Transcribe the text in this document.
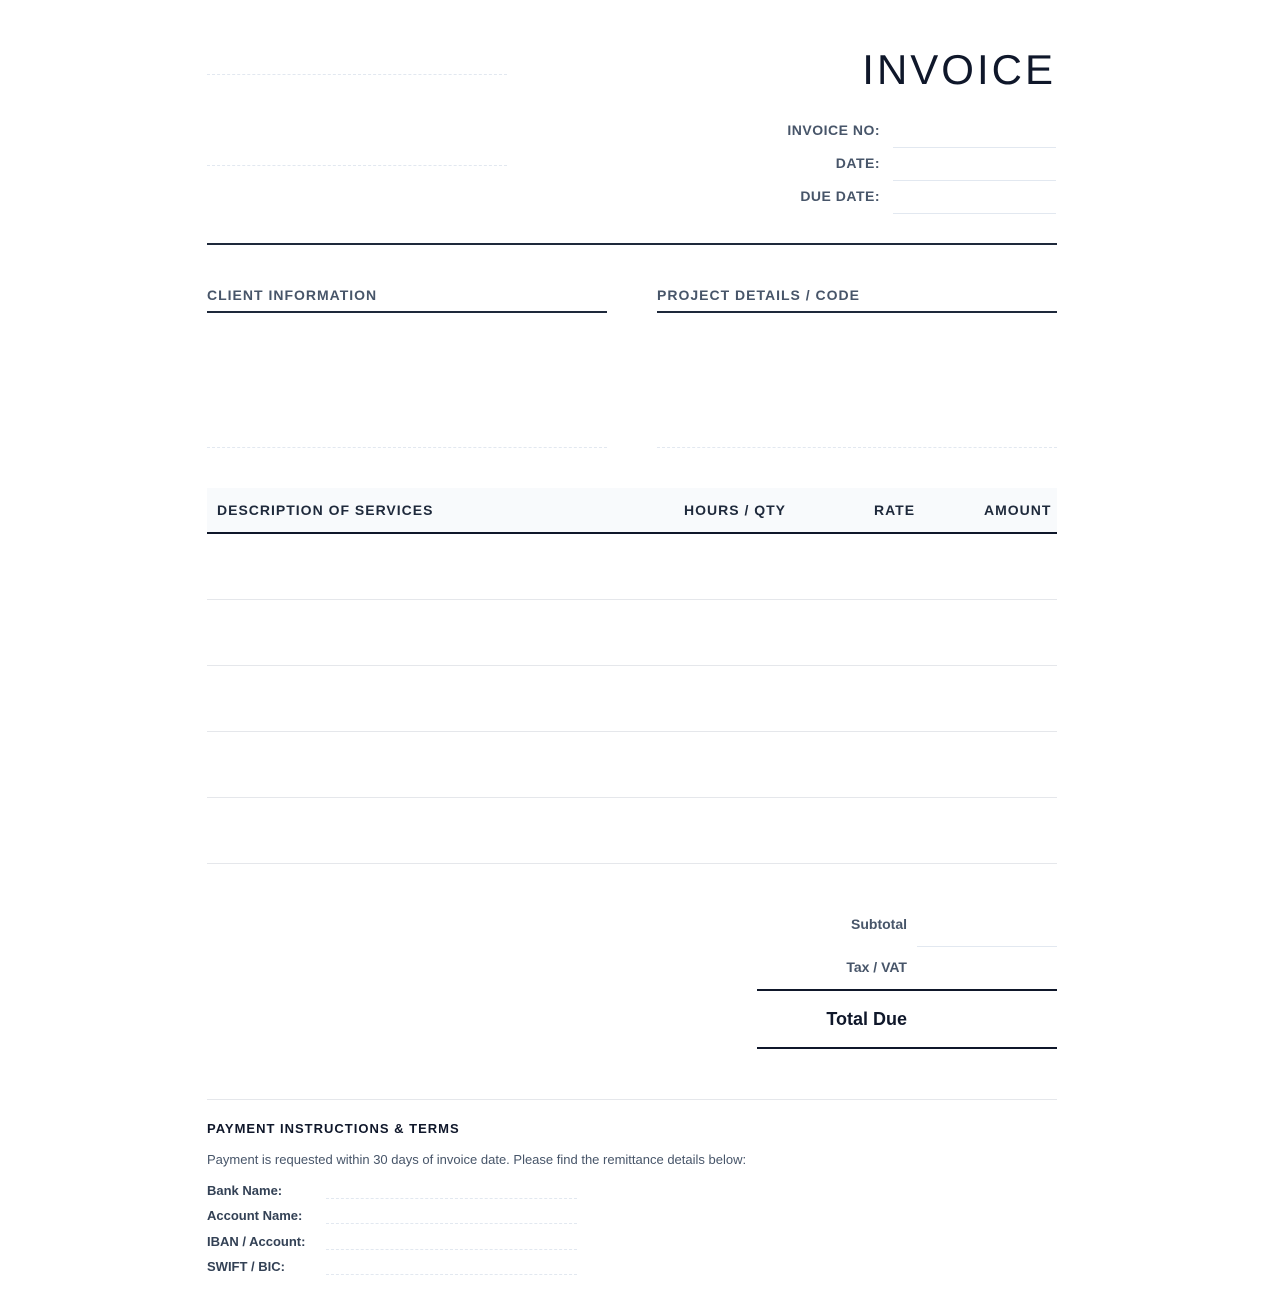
INVOICE
INVOICE NO:
DATE:
DUE DATE:
CLIENT INFORMATION	PROJECT DETAILS / CODE
DESCRIPTION OF SERVICES	HOURS / QTY	RATE	AMOUNT
Subtotal
Tax / VAT
Total Due
PAYMENT INSTRUCTIONS & TERMS
Payment is requested within 30 days of invoice date. Please find the remittance details below:
Bank Name:
Account Name:
IBAN / Account:
SWIFT / BIC:
